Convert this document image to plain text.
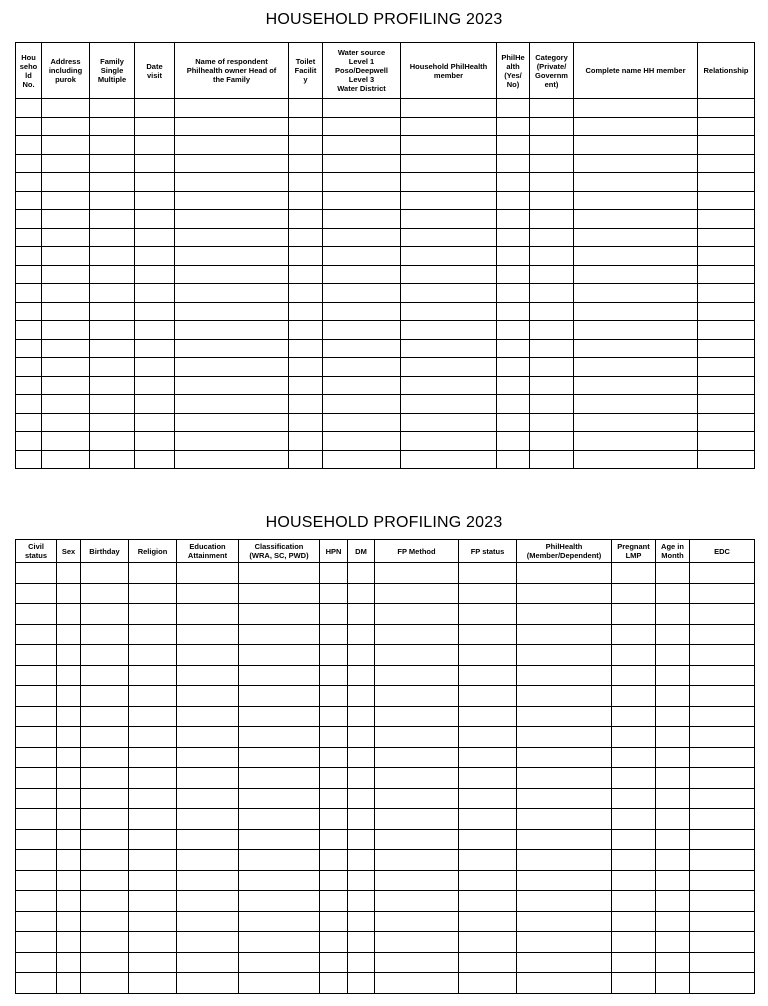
HOUSEHOLD PROFILING 2023
Hou
seho
ld
No.	Address
including
purok	Family
Single
Multiple	Date
visit	Name of respondent
Philhealth owner Head of
the Family	Toilet
Facilit
y	Water source
Level 1
Poso/Deepwell
Level 3
Water District	Household PhilHealth
member	PhilHe
alth
(Yes/
No)	Category
(Private/
Governm
ent)	Complete name HH member	Relationship

HOUSEHOLD PROFILING 2023
Civil
status	Sex	Birthday	Religion	Education
Attainment	Classification
(WRA, SC, PWD)	HPN	DM	FP Method	FP status	PhilHealth
(Member/Dependent)	Pregnant
LMP	Age in
Month	EDC
